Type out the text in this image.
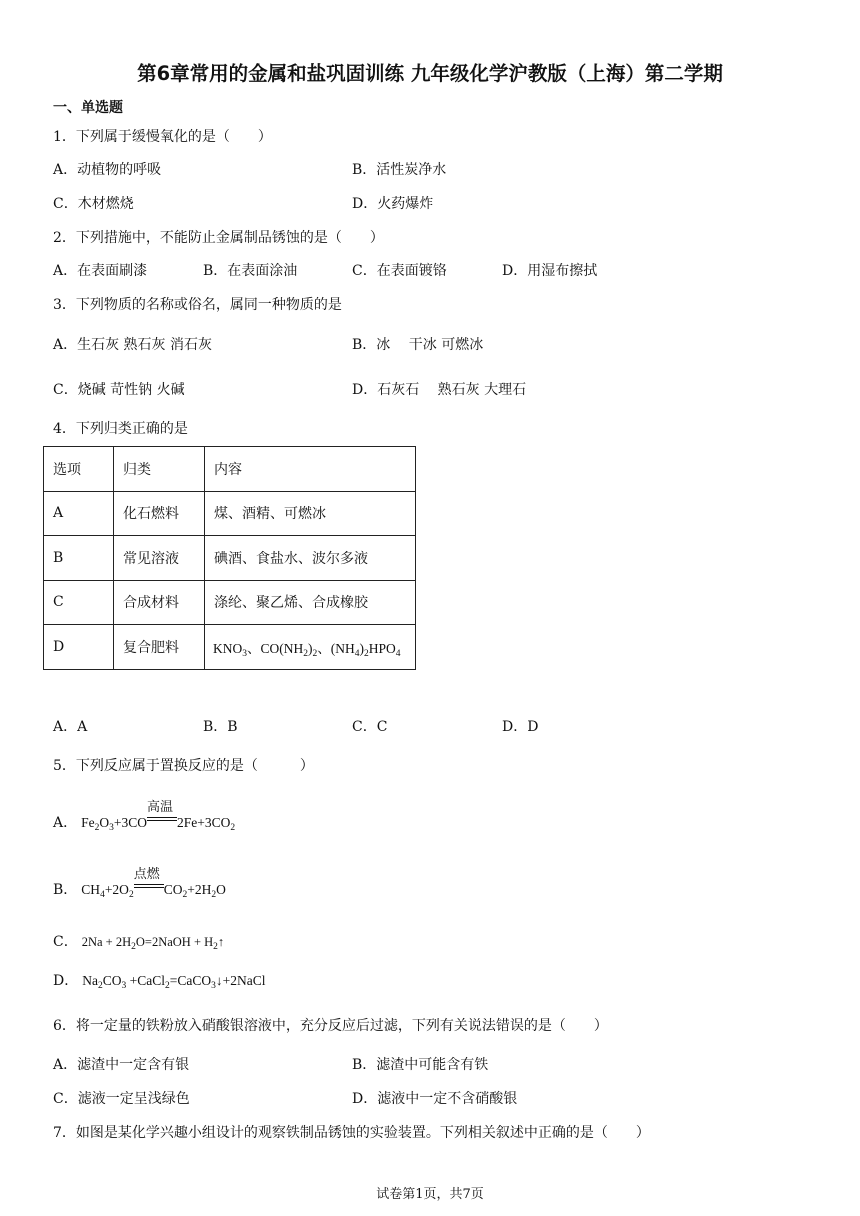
第6章常用的金属和盐巩固训练 九年级化学沪教版（上海）第二学期
一、单选题
1．下列属于缓慢氧化的是（　　）
A．动植物的呼吸	B．活性炭净水
C．木材燃烧	D．火药爆炸
2．下列措施中，不能防止金属制品锈蚀的是（　　）
A．在表面刷漆	B．在表面涂油	C．在表面镀铬	D．用湿布擦拭
3．下列物质的名称或俗名，属同一种物质的是
A．生石灰 熟石灰 消石灰	B．冰　 干冰 可燃冰
C．烧碱 苛性钠 火碱	D．石灰石　 熟石灰 大理石
4．下列归类正确的是
选项	归类	内容
A	化石燃料	煤、酒精、可燃冰
B	常见溶液	碘酒、食盐水、波尔多液
C	合成材料	涤纶、聚乙烯、合成橡胶
D	复合肥料	$KNO_3$、$CO(NH_2)_2$、$(NH_4)_2HPO_4$
A．A	B．B	C．C	D．D
5．下列反应属于置换反应的是（　　　）
A． $Fe_2O_3+3CO$
高温
$2Fe+3CO_2$
B． $CH_4+2O_2$
点燃
$CO_2+2H_2O$
C． $2Na + 2H_2O=2NaOH$ + $H_2↑$
D． $Na_2CO_3$ +CaCl$_2$=CaCO$_3$↓+2NaCl
6．将一定量的铁粉放入硝酸银溶液中，充分反应后过滤，下列有关说法错误的是（　　）
A．滤渣中一定含有银	B．滤渣中可能含有铁
C．滤液一定呈浅绿色	D．滤液中一定不含硝酸银
7．如图是某化学兴趣小组设计的观察铁制品锈蚀的实验装置。下列相关叙述中正确的是（　　）
试卷第1页，共7页
